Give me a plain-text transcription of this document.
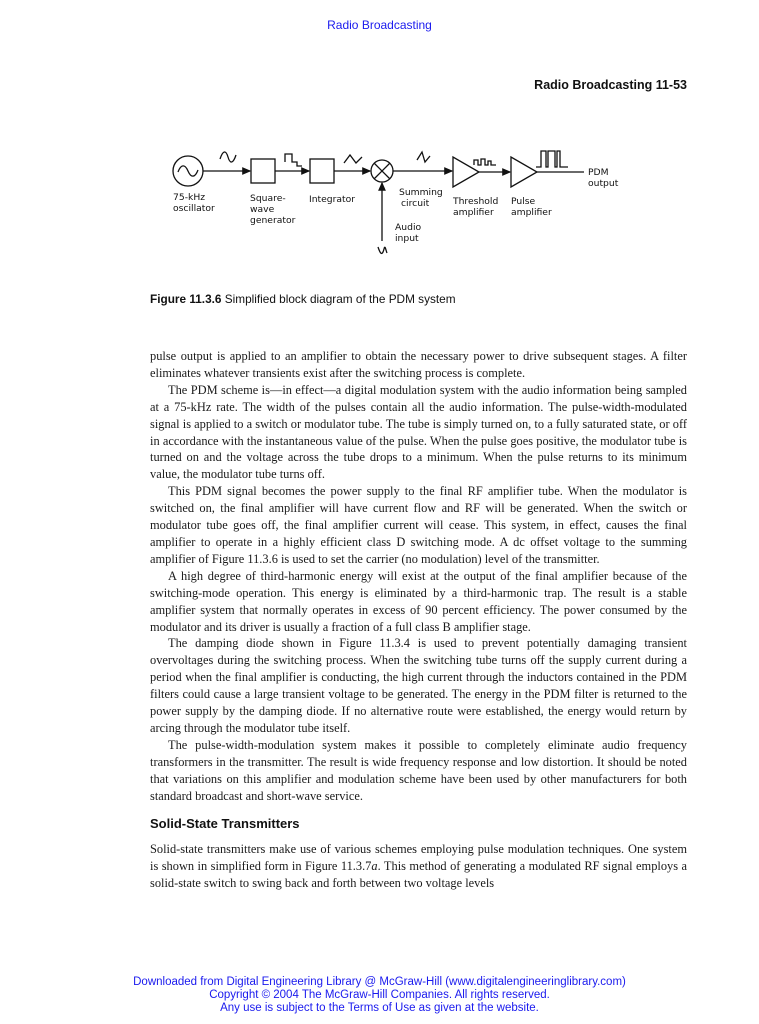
Radio Broadcasting
Radio Broadcasting 11-53
75-kHz
oscillator
Square-
wave
generator
Integrator
Summing
circuit	Threshold
amplifier
Pulse
amplifier
Audio
input
PDM
output
Figure 11.3.6 Simplified block diagram of the PDM system

pulse output is applied to an amplifier to obtain the necessary power to drive subsequent stages. A filter eliminates whatever transients exist after the switching process is complete.

The PDM scheme is—in effect—a digital modulation system with the audio information being sampled at a 75-kHz rate. The width of the pulses contain all the audio information. The pulse-width-modulated signal is applied to a switch or modulator tube. The tube is simply turned on, to a fully saturated state, or off in accordance with the instantaneous value of the pulse. When the pulse goes positive, the modulator tube is turned on and the voltage across the tube drops to a minimum. When the pulse returns to its minimum value, the modulator tube turns off.

This PDM signal becomes the power supply to the final RF amplifier tube. When the modulator is switched on, the final amplifier will have current flow and RF will be generated. When the switch or modulator tube goes off, the final amplifier current will cease. This system, in effect, causes the final amplifier to operate in a highly efficient class D switching mode. A dc offset voltage to the summing amplifier of Figure 11.3.6 is used to set the carrier (no modulation) level of the transmitter.

A high degree of third-harmonic energy will exist at the output of the final amplifier because of the switching-mode operation. This energy is eliminated by a third-harmonic trap. The result is a stable amplifier system that normally operates in excess of 90 percent efficiency. The power consumed by the modulator and its driver is usually a fraction of a full class B amplifier stage.

The damping diode shown in Figure 11.3.4 is used to prevent potentially damaging transient overvoltages during the switching process. When the switching tube turns off the supply current during a period when the final amplifier is conducting, the high current through the inductors contained in the PDM filters could cause a large transient voltage to be generated. The energy in the PDM filter is returned to the power supply by the damping diode. If no alternative route were established, the energy would return by arcing through the modulator tube itself.

The pulse-width-modulation system makes it possible to completely eliminate audio frequency transformers in the transmitter. The result is wide frequency response and low distortion. It should be noted that variations on this amplifier and modulation scheme have been used by other manufacturers for both standard broadcast and short-wave service.

Solid-State Transmitters

Solid-state transmitters make use of various schemes employing pulse modulation techniques. One system is shown in simplified form in Figure 11.3.7a. This method of generating a modulated RF signal employs a solid-state switch to swing back and forth between two voltage levels

Downloaded from Digital Engineering Library @ McGraw-Hill (www.digitalengineeringlibrary.com)
Copyright © 2004 The McGraw-Hill Companies. All rights reserved.
Any use is subject to the Terms of Use as given at the website.
